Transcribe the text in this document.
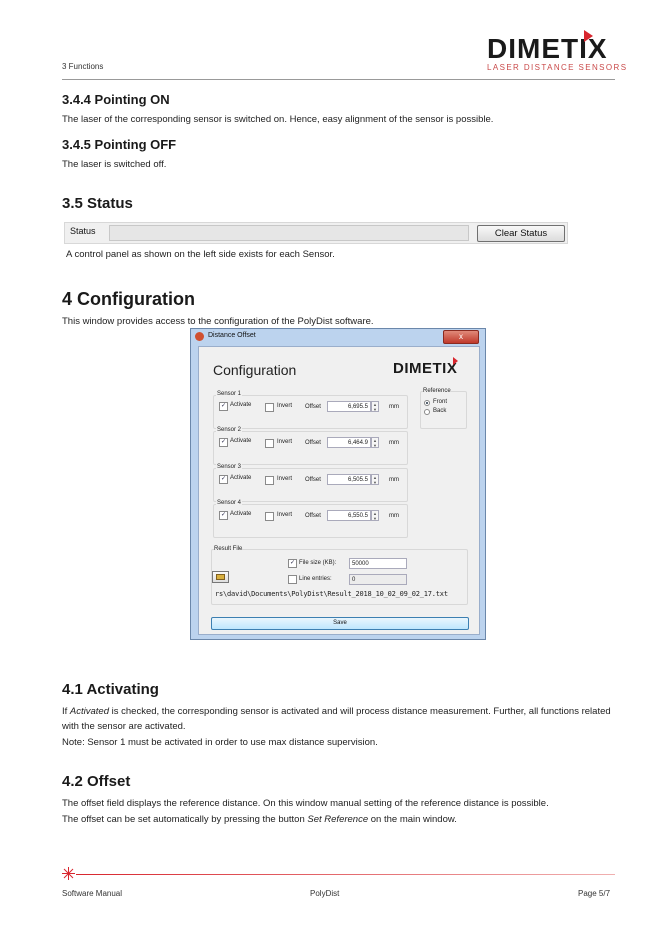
3 Functions
DIMETIX
LASER DISTANCE SENSORS
3.4.4 Pointing ON
The laser of the corresponding sensor is switched on. Hence, easy alignment of the sensor is possible.
3.4.5 Pointing OFF
The laser is switched off.
3.5 Status
Status	Clear Status
A control panel as shown on the left side exists for each Sensor.
4 Configuration
This window provides access to the configuration of the PolyDist software.
Distance Offset	x
Configuration	DIMETIX
Sensor 1
✓ Activate	Invert Offset	6,695.5	▲
▼	mm
Sensor 2
✓ Activate	Invert Offset	6,464.9	▲
▼	mm
Sensor 3
✓ Activate	Invert Offset	6,505.5	▲
▼	mm
Sensor 4
✓ Activate	Invert Offset	6,550.5	▲
▼	mm
Reference
Front
Back
Result File
✓ File size (KB):	50000
Line entries:	0
rs\david\Documents\PolyDist\Result_2018_10_02_09_02_17.txt
Save
4.1 Activating
If Activated is checked, the corresponding sensor is activated and will process distance measurement. Further, all functions related with the sensor are activated.
Note: Sensor 1 must be activated in order to use max distance supervision.
4.2 Offset
The offset field displays the reference distance. On this window manual setting of the reference distance is possible.
The offset can be set automatically by pressing the button Set Reference on the main window.
Software Manual	PolyDist	Page 5/7
